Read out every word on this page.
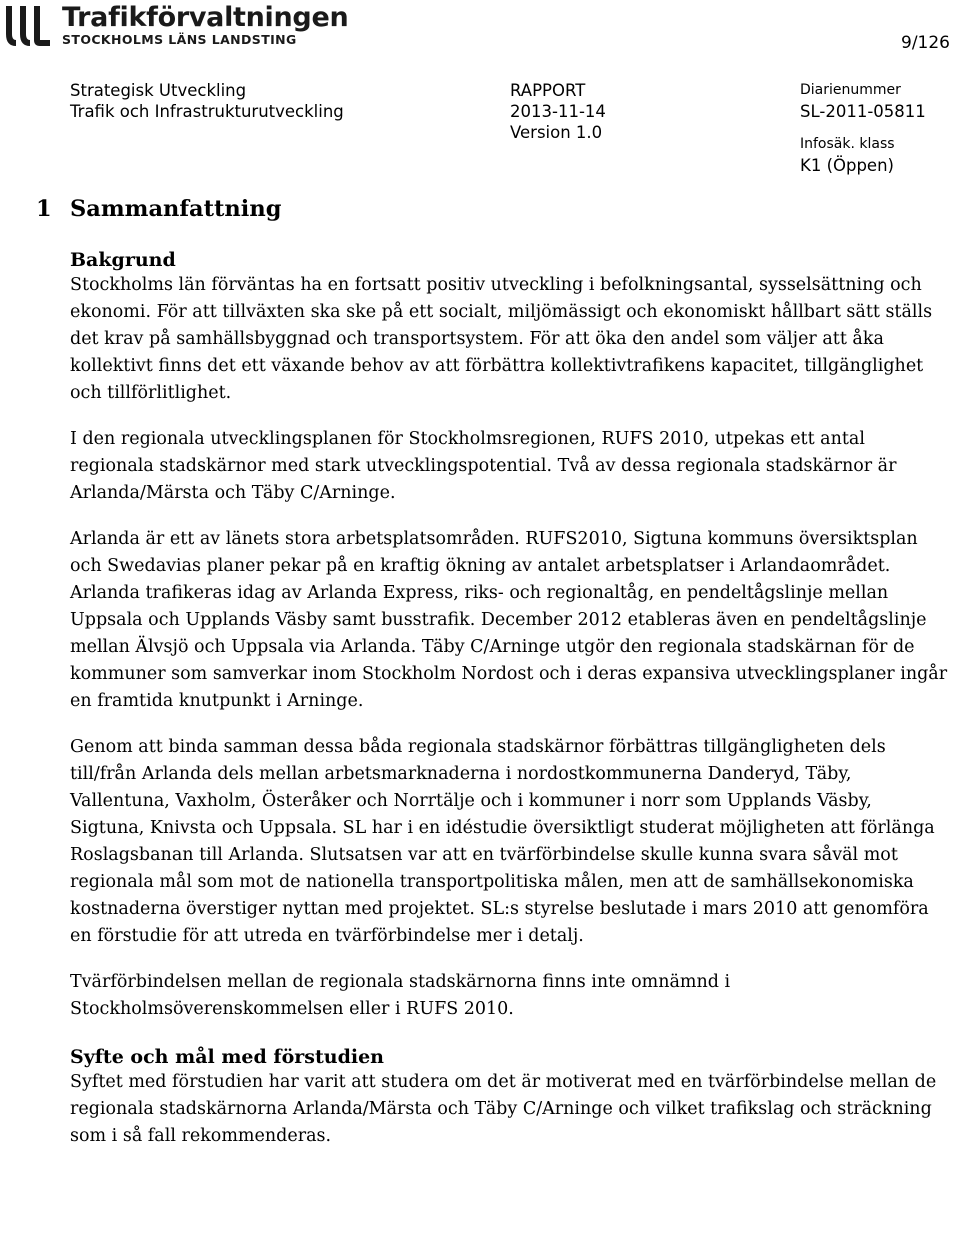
Trafikförvaltningen
STOCKHOLMS LÄNS LANDSTING	9/126
Strategisk Utveckling
Trafik och Infrastrukturutveckling
RAPPORT
2013-11-14
Version 1.0
Diarienummer
SL-2011-05811
Infosäk. klass
K1 (Öppen)
1 Sammanfattning
Bakgrund

Stockholms län förväntas ha en fortsatt positiv utveckling i befolkningsantal, sysselsättning och ekonomi. För att tillväxten ska ske på ett socialt, miljömässigt och ekonomiskt hållbart sätt ställs det krav på samhällsbyggnad och transportsystem. För att öka den andel som väljer att åka kollektivt finns det ett växande behov av att förbättra kollektivtrafikens kapacitet, tillgänglighet och tillförlitlighet.

I den regionala utvecklingsplanen för Stockholmsregionen, RUFS 2010, utpekas ett antal regionala stadskärnor med stark utvecklingspotential. Två av dessa regionala stadskärnor är Arlanda/Märsta och Täby C/Arninge.

Arlanda är ett av länets stora arbetsplatsområden. RUFS2010, Sigtuna kommuns översiktsplan och Swedavias planer pekar på en kraftig ökning av antalet arbetsplatser i Arlandaområdet. Arlanda trafikeras idag av Arlanda Express, riks- och regionaltåg, en pendeltågslinje mellan Uppsala och Upplands Väsby samt busstrafik. December 2012 etableras även en pendeltågslinje mellan Älvsjö och Uppsala via Arlanda. Täby C/Arninge utgör den regionala stadskärnan för de kommuner som samverkar inom Stockholm Nordost och i deras expansiva utvecklingsplaner ingår en framtida knutpunkt i Arninge.

Genom att binda samman dessa båda regionala stadskärnor förbättras tillgängligheten dels till/från Arlanda dels mellan arbetsmarknaderna i nordostkommunerna Danderyd, Täby, Vallentuna, Vaxholm, Österåker och Norrtälje och i kommuner i norr som Upplands Väsby, Sigtuna, Knivsta och Uppsala. SL har i en idéstudie översiktligt studerat möjligheten att förlänga Roslagsbanan till Arlanda. Slutsatsen var att en tvärförbindelse skulle kunna svara såväl mot regionala mål som mot de nationella transportpolitiska målen, men att de samhällsekonomiska kostnaderna överstiger nyttan med projektet. SL:s styrelse beslutade i mars 2010 att genomföra en förstudie för att utreda en tvärförbindelse mer i detalj.

Tvärförbindelsen mellan de regionala stadskärnorna finns inte omnämnd i Stockholmsöverenskommelsen eller i RUFS 2010.

Syfte och mål med förstudien

Syftet med förstudien har varit att studera om det är motiverat med en tvärförbindelse mellan de regionala stadskärnorna Arlanda/Märsta och Täby C/Arninge och vilket trafikslag och sträckning som i så fall rekommenderas.
